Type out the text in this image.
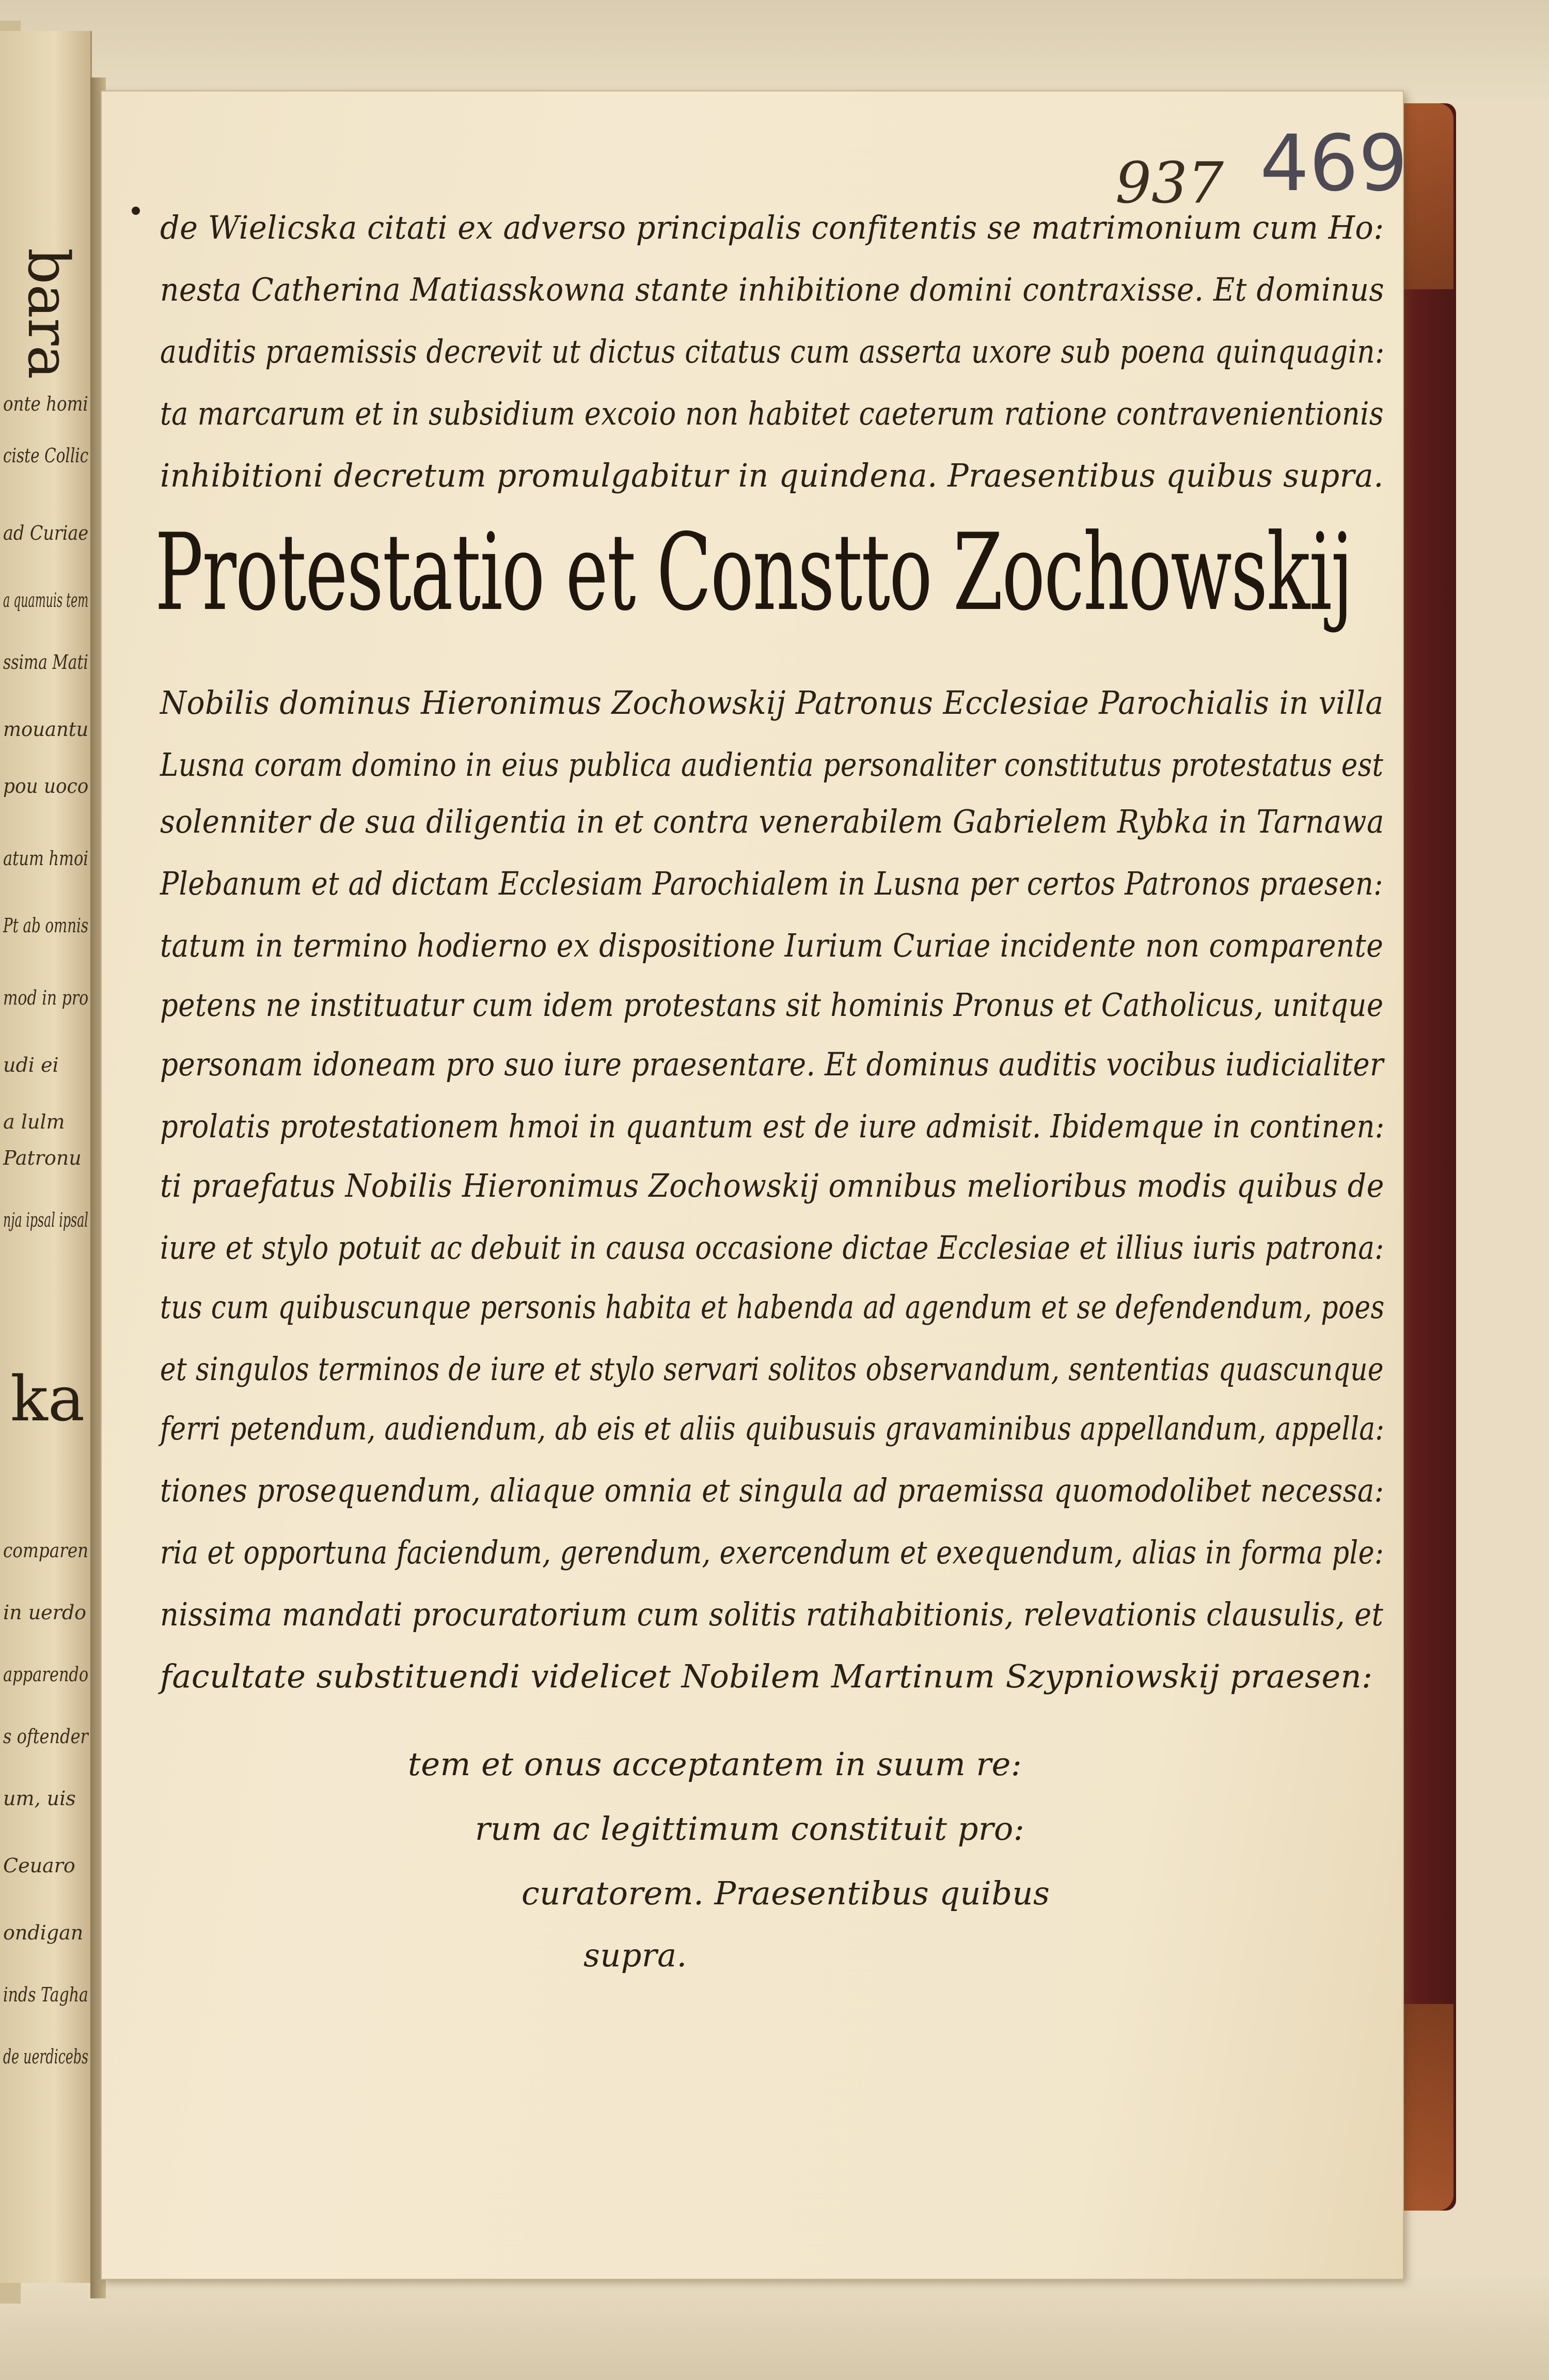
bara
onte homi
ciste Collic
ad Curiae
a quamuis tem
ssima Mati
mouantu
pou uoco
atum hmoi
Pt ab omnis
mod in pro
udi ei
a lulm
Patronu
nja ipsal ipsal
ka
comparen
in uerdo
apparendo
s oftender
um, uis
Ceuaro
ondigan
inds Tagha
de uerdicebs
937 469
de Wielicska citati ex adverso principalis confitentis se matrimonium cum Ho:
nesta Catherina Matiasskowna stante inhibitione domini contraxisse. Et dominus
auditis praemissis decrevit ut dictus citatus cum asserta uxore sub poena quinquagin:
ta marcarum et in subsidium excoio non habitet caeterum ratione contravenientionis
inhibitioni decretum promulgabitur in quindena. Praesentibus quibus supra.
Protestatio et Constto Zochowskij
Nobilis dominus Hieronimus Zochowskij Patronus Ecclesiae Parochialis in villa
Lusna coram domino in eius publica audientia personaliter constitutus protestatus est
solenniter de sua diligentia in et contra venerabilem Gabrielem Rybka in Tarnawa
Plebanum et ad dictam Ecclesiam Parochialem in Lusna per certos Patronos praesen:
tatum in termino hodierno ex dispositione Iurium Curiae incidente non comparente
petens ne instituatur cum idem protestans sit hominis Pronus et Catholicus, unitque
personam idoneam pro suo iure praesentare. Et dominus auditis vocibus iudicialiter
prolatis protestationem hmoi in quantum est de iure admisit. Ibidemque in continen:
ti praefatus Nobilis Hieronimus Zochowskij omnibus melioribus modis quibus de
iure et stylo potuit ac debuit in causa occasione dictae Ecclesiae et illius iuris patrona:
tus cum quibuscunque personis habita et habenda ad agendum et se defendendum, poes
et singulos terminos de iure et stylo servari solitos observandum, sententias quascunque
ferri petendum, audiendum, ab eis et aliis quibusuis gravaminibus appellandum, appella:
tiones prosequendum, aliaque omnia et singula ad praemissa quomodolibet necessa:
ria et opportuna faciendum, gerendum, exercendum et exequendum, alias in forma ple:
nissima mandati procuratorium cum solitis ratihabitionis, relevationis clausulis, et
facultate substituendi videlicet Nobilem Martinum Szypniowskij praesen:
tem et onus acceptantem in suum re:
rum ac legittimum constituit pro:
curatorem. Praesentibus quibus
supra.
